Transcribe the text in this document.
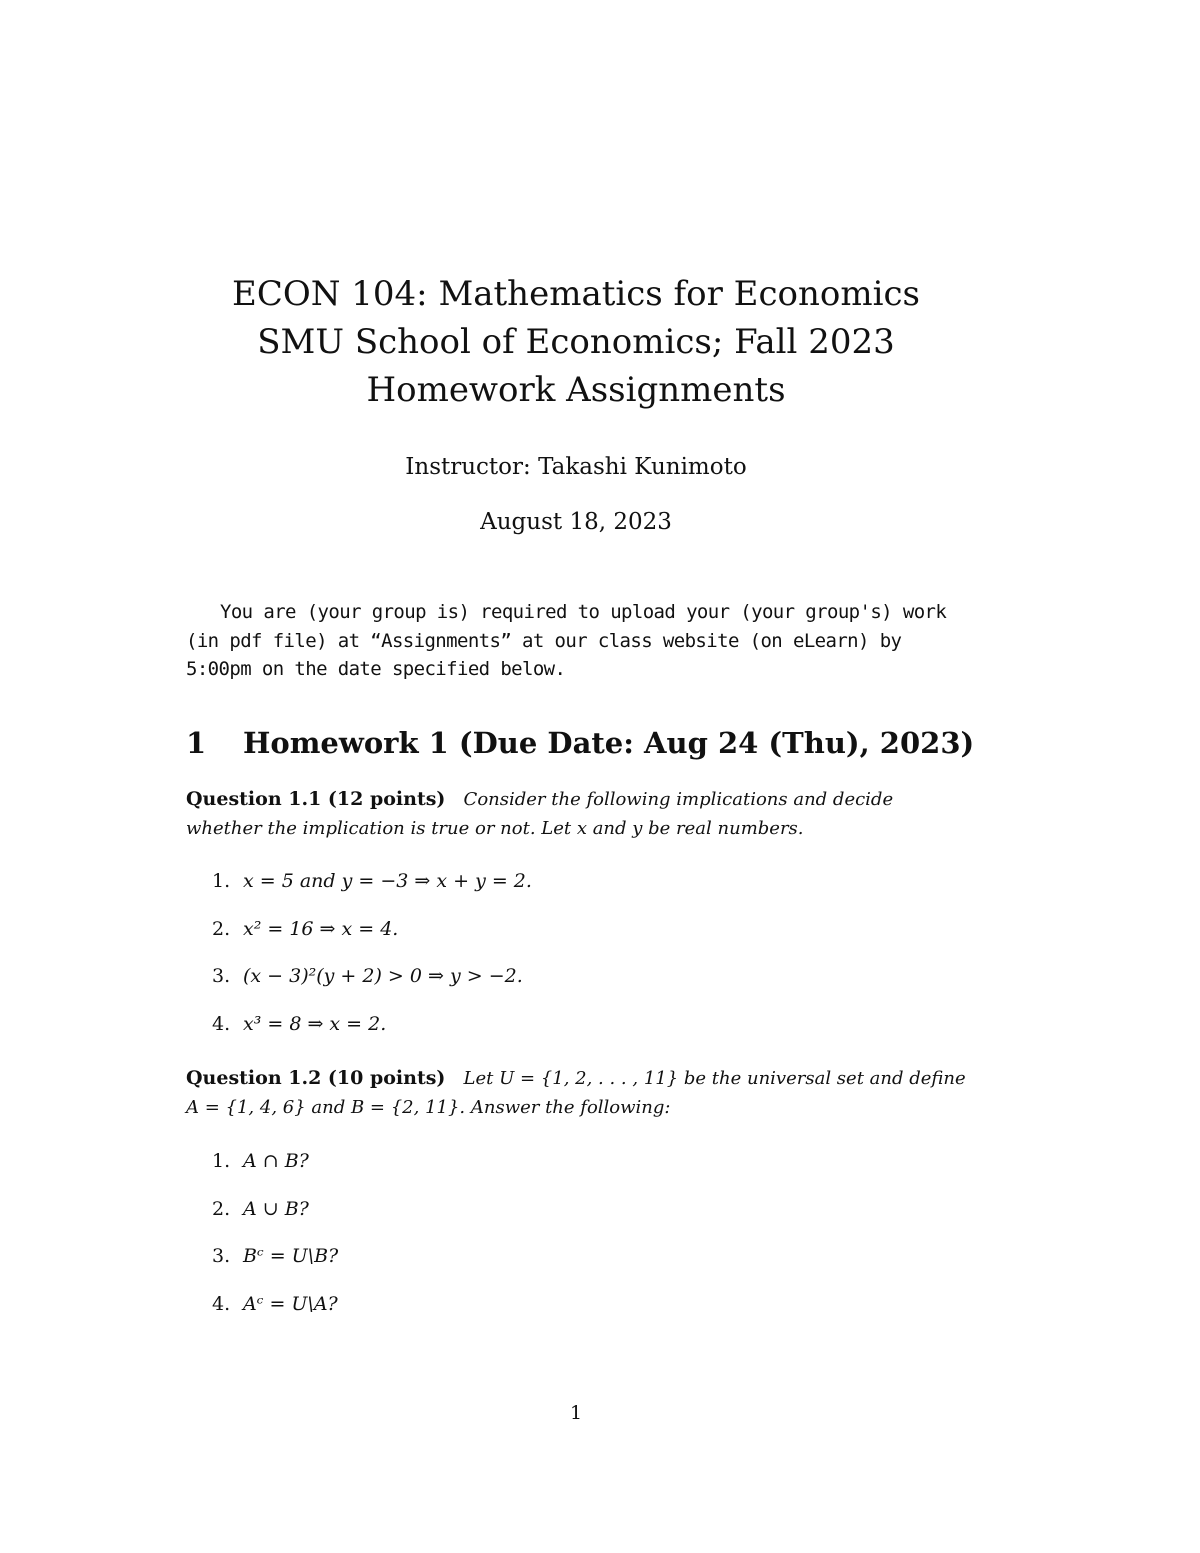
ECON 104: Mathematics for Economics
SMU School of Economics; Fall 2023
Homework Assignments
Instructor: Takashi Kunimoto
August 18, 2023
You are (your group is) required to upload your (your group's) work (in pdf file) at “Assignments” at our class website (on eLearn) by 5:00pm on the date specified below.
1 Homework 1 (Due Date: Aug 24 (Thu), 2023)
Question 1.1 (12 points) Consider the following implications and decide whether the implication is true or not. Let x and y be real numbers.
1. x = 5 and y = −3 ⇒ x + y = 2.
2. x² = 16 ⇒ x = 4.
3. (x − 3)²(y + 2) > 0 ⇒ y > −2.
4. x³ = 8 ⇒ x = 2.
Question 1.2 (10 points) Let U = {1, 2, . . . , 11} be the universal set and define A = {1, 4, 6} and B = {2, 11}. Answer the following:
1. A ∩ B?
2. A ∪ B?
3. Bᶜ = U\B?
4. Aᶜ = U\A?
1
